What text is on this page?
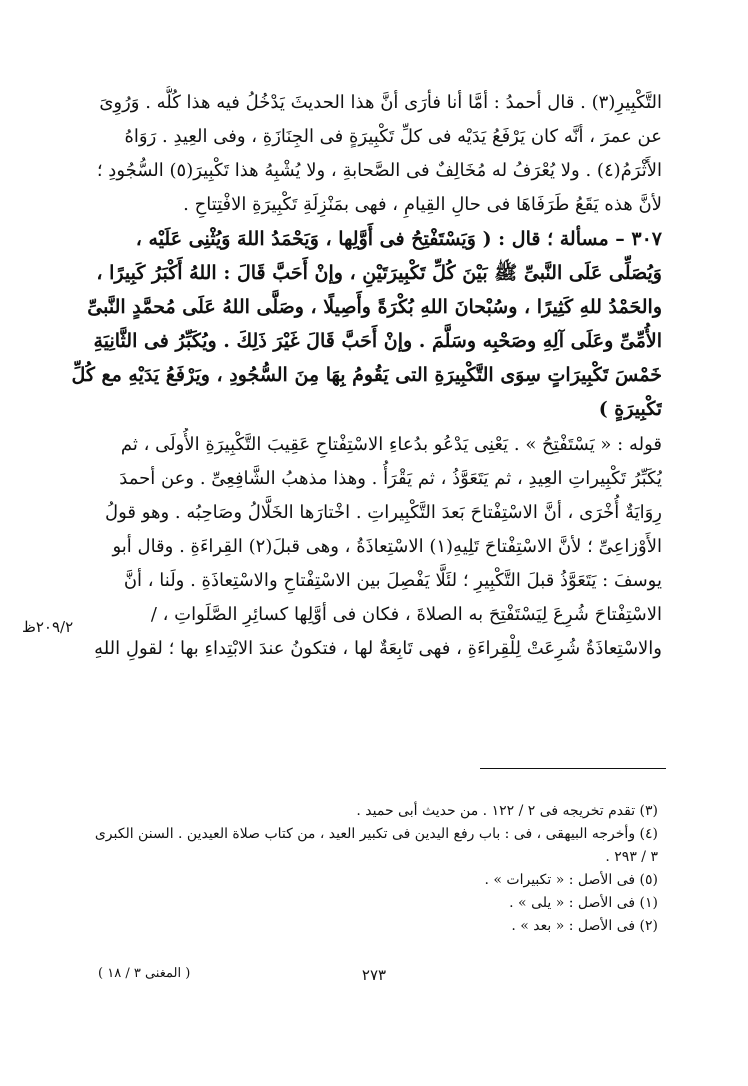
التَّكْبِيرِ(٣) . قال أحمدُ : أمَّا أنا فأرَى أنَّ هذا الحديثَ يَدْخُلُ فيه هذا كُلُّه . وَرُوِىَ
عن عمرَ ، أنَّه كان يَرْفَعُ يَدَيْه فى كلِّ تَكْبِيرَةٍ فى الجِنَازَةِ ، وفى العِيدِ . رَوَاهُ
الأَثْرَمُ(٤) . ولا يُعْرَفُ له مُخَالِفٌ فى الصَّحابةِ ، ولا يُشْبِهُ هذا تَكْبِيرَ(٥) السُّجُودِ ؛
لأنَّ هذه يَقَعُ طَرَفَاهَا فى حالِ القِيامِ ، فهى بمَنْزِلَةِ تَكْبِيرَةِ الافْتِتاحِ .
٣٠٧ – مسألة ؛ قال : ( وَيَسْتَفْتِحُ فى أَوَّلِها ، وَيَحْمَدُ اللهَ وَيُثْنِى عَلَيْه ،
وَيُصَلِّى عَلَى النَّبىِّ ﷺ بَيْنَ كُلِّ تَكْبِيرَتَيْنِ ، وإنْ أَحَبَّ قَالَ : اللهُ أَكْبَرُ كَبِيرًا ،
والحَمْدُ للهِ كَثِيرًا ، وسُبْحانَ اللهِ بُكْرَةً وأَصِيلًا ، وصَلَّى اللهُ عَلَى مُحمَّدٍ النَّبىِّ
الأُمِّىِّ وعَلَى آلِهِ وصَحْبِه وسَلَّمَ . وإنْ أَحَبَّ قَالَ غَيْرَ ذَلِكَ . ويُكَبِّرُ فى الثَّانِيَةِ
خَمْسَ تَكْبِيرَاتٍ سِوَى التَّكْبِيرَةِ التى يَقُومُ بِهَا مِنَ السُّجُودِ ، ويَرْفَعُ يَدَيْهِ مع كُلِّ
تَكْبِيرَةٍ )
قوله : « يَسْتَفْتِحُ » . يَعْنِى يَدْعُو بدُعاءِ الاسْتِفْتاحِ عَقِيبَ التَّكْبِيرَةِ الأُولَى ، ثم
يُكَبِّرُ تَكْبِيراتِ العِيدِ ، ثم يَتَعَوَّذُ ، ثم يَقْرَأُ . وهذا مذهبُ الشَّافِعِىِّ . وعن أحمدَ
رِوَايَةٌ أُخْرَى ، أنَّ الاسْتِفْتاحَ بَعدَ التَّكْبِيراتِ . اخْتارَها الخَلَّالُ وصَاحِبُه . وهو قولُ
الأَوْزاعِىِّ ؛ لأنَّ الاسْتِفْتاحَ تَلِيهِ(١) الاسْتِعاذَةُ ، وهى قبلَ(٢) القِراءَةِ . وقال أبو
يوسفَ : يَتَعَوَّذُ قبلَ التَّكْبِيرِ ؛ لئَلَّا يَفْصِلَ بين الاسْتِفْتاحِ والاسْتِعاذَةِ . ولَنا ، أنَّ
الاسْتِفْتاحَ شُرِعَ لِيَسْتَفْتِحَ به الصلاةَ ، فكان فى أوَّلِها كسائِرِ الصَّلَواتِ ، /
والاسْتِعاذَةُ شُرِعَتْ لِلْقِراءَةِ ، فهى تَابِعَةٌ لها ، فتكونُ عندَ الابْتِداءِ بها ؛ لقولِ اللهِ
٢٠٩/٢ظ
(٣) تقدم تخريجه فى ٢ / ١٢٢ . من حديث أبى حميد .
(٤) وأخرجه البيهقى ، فى : باب رفع اليدين فى تكبير العيد ، من كتاب صلاة العيدين . السنن الكبرى
٣ / ٢٩٣ .
(٥) فى الأصل : « تكبيرات » .
(١) فى الأصل : « يلى » .
(٢) فى الأصل : « بعد » .
٢٧٣
( المغنى ٣ / ١٨ )
